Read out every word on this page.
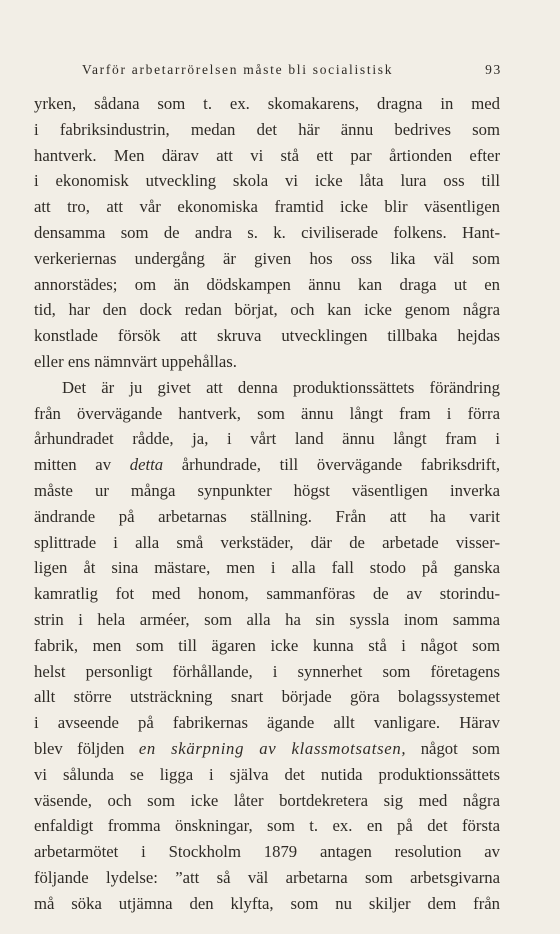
Varför arbetarrörelsen måste bli socialistisk	93
yrken, sådana som t. ex. skomakarens, dragna in med
i fabriksindustrin, medan det här ännu bedrives som
hantverk. Men därav att vi stå ett par årtionden efter
i ekonomisk utveckling skola vi icke låta lura oss till
att tro, att vår ekonomiska framtid icke blir väsentligen
densamma som de andra s. k. civiliserade folkens. Hant-
verkeriernas undergång är given hos oss lika väl som
annorstädes; om än dödskampen ännu kan draga ut en
tid, har den dock redan börjat, och kan icke genom några
konstlade försök att skruva utvecklingen tillbaka hejdas
eller ens nämnvärt uppehållas.
Det är ju givet att denna produktionssättets förändring
från övervägande hantverk, som ännu långt fram i förra
århundradet rådde, ja, i vårt land ännu långt fram i
mitten av detta århundrade, till övervägande fabriksdrift,
måste ur många synpunkter högst väsentligen inverka
ändrande på arbetarnas ställning. Från att ha varit
splittrade i alla små verkstäder, där de arbetade visser-
ligen åt sina mästare, men i alla fall stodo på ganska
kamratlig fot med honom, sammanföras de av storindu-
strin i hela arméer, som alla ha sin syssla inom samma
fabrik, men som till ägaren icke kunna stå i något som
helst personligt förhållande, i synnerhet som företagens
allt större utsträckning snart började göra bolagssystemet
i avseende på fabrikernas ägande allt vanligare. Härav
blev följden en skärpning av klassmotsatsen, något som
vi sålunda se ligga i själva det nutida produktionssättets
väsende, och som icke låter bortdekretera sig med några
enfaldigt fromma önskningar, som t. ex. en på det första
arbetarmötet i Stockholm 1879 antagen resolution av
följande lydelse: ”att så väl arbetarna som arbetsgivarna
må söka utjämna den klyfta, som nu skiljer dem från
